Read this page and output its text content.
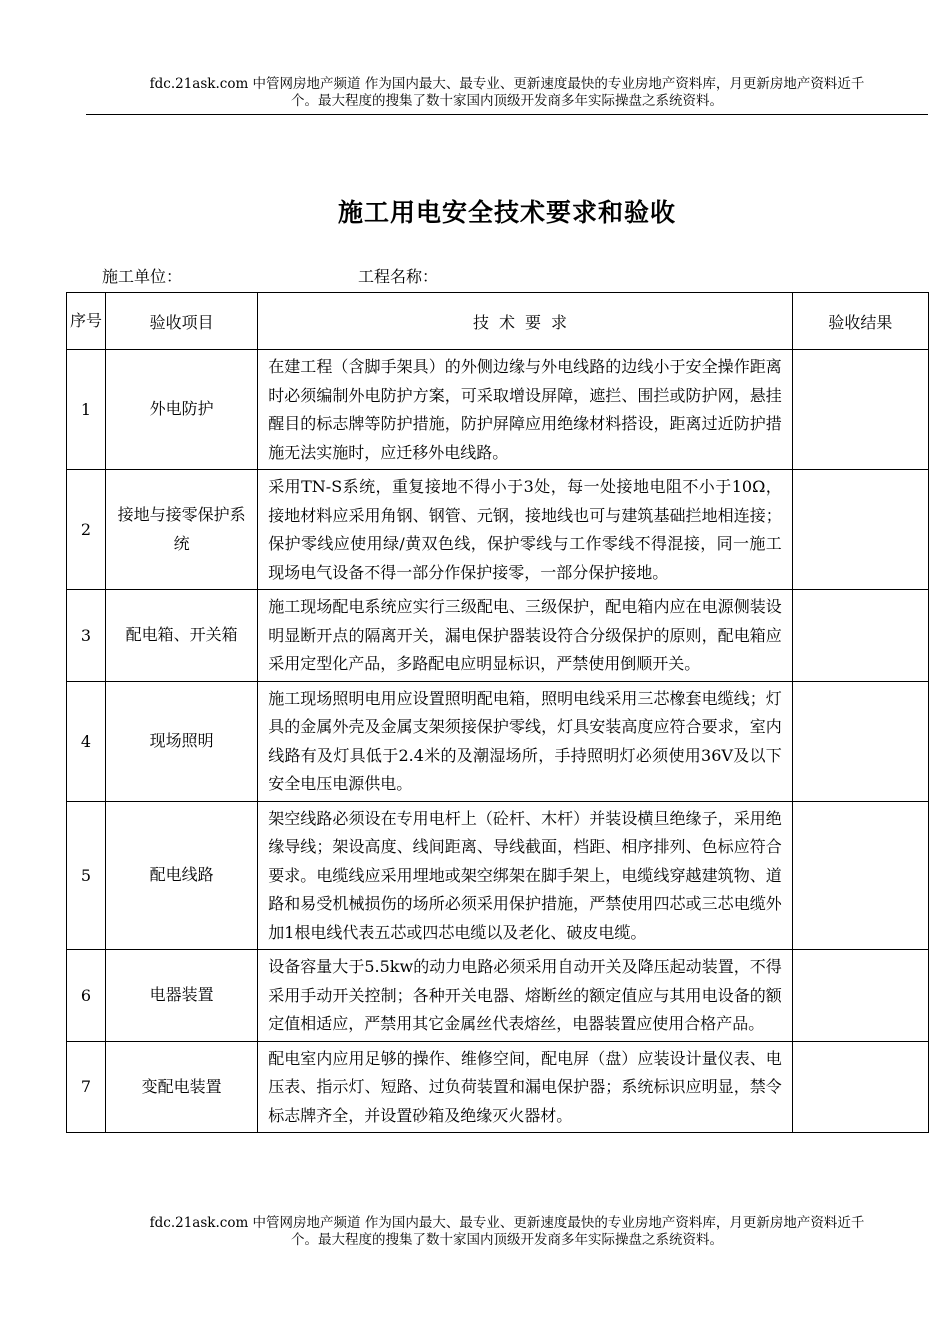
fdc.21ask.com 中管网房地产频道 作为国内最大、最专业、更新速度最快的专业房地产资料库，月更新房地产资料近千
个。最大程度的搜集了数十家国内顶级开发商多年实际操盘之系统资料。
施工用电安全技术要求和验收
施工单位：	工程名称：
序号	验收项目	技术要求	验收结果
1	外电防护	在建工程（含脚手架具）的外侧边缘与外电线路的边线小于安全操作距离时必须编制外电防护方案，可采取增设屏障，遮拦、围拦或防护网，悬挂醒目的标志牌等防护措施，防护屏障应用绝缘材料搭设，距离过近防护措施无法实施时，应迁移外电线路。	
2	接地与接零保护系 统	采用TN-S系统，重复接地不得小于3处，每一处接地电阻不小于10Ω，接地材料应采用角钢、钢管、元钢，接地线也可与建筑基础拦地相连接；保护零线应使用绿/黄双色线，保护零线与工作零线不得混接，同一施工现场电气设备不得一部分作保护接零，一部分保护接地。	
3	配电箱、开关箱	施工现场配电系统应实行三级配电、三级保护，配电箱内应在电源侧装设明显断开点的隔离开关，漏电保护器装设符合分级保护的原则，配电箱应采用定型化产品，多路配电应明显标识，严禁使用倒顺开关。	
4	现场照明	施工现场照明电用应设置照明配电箱，照明电线采用三芯橡套电缆线；灯具的金属外壳及金属支架须接保护零线，灯具安装高度应符合要求，室内线路有及灯具低于2.4米的及潮湿场所，手持照明灯必须使用36V及以下安全电压电源供电。	
5	配电线路	架空线路必须设在专用电杆上（砼杆、木杆）并装设横旦绝缘子，采用绝缘导线；架设高度、线间距离、导线截面，档距、相序排列、色标应符合要求。电缆线应采用埋地或架空绑架在脚手架上，电缆线穿越建筑物、道路和易受机械损伤的场所必须采用保护措施，严禁使用四芯或三芯电缆外加1根电线代表五芯或四芯电缆以及老化、破皮电缆。	
6	电器装置	设备容量大于5.5kw的动力电路必须采用自动开关及降压起动装置，不得采用手动开关控制；各种开关电器、熔断丝的额定值应与其用电设备的额定值相适应，严禁用其它金属丝代表熔丝，电器装置应使用合格产品。	
7	变配电装置	配电室内应用足够的操作、维修空间，配电屏（盘）应装设计量仪表、电压表、指示灯、短路、过负荷装置和漏电保护器；系统标识应明显，禁令标志牌齐全，并设置砂箱及绝缘灭火器材。	
fdc.21ask.com 中管网房地产频道 作为国内最大、最专业、更新速度最快的专业房地产资料库，月更新房地产资料近千
个。最大程度的搜集了数十家国内顶级开发商多年实际操盘之系统资料。
